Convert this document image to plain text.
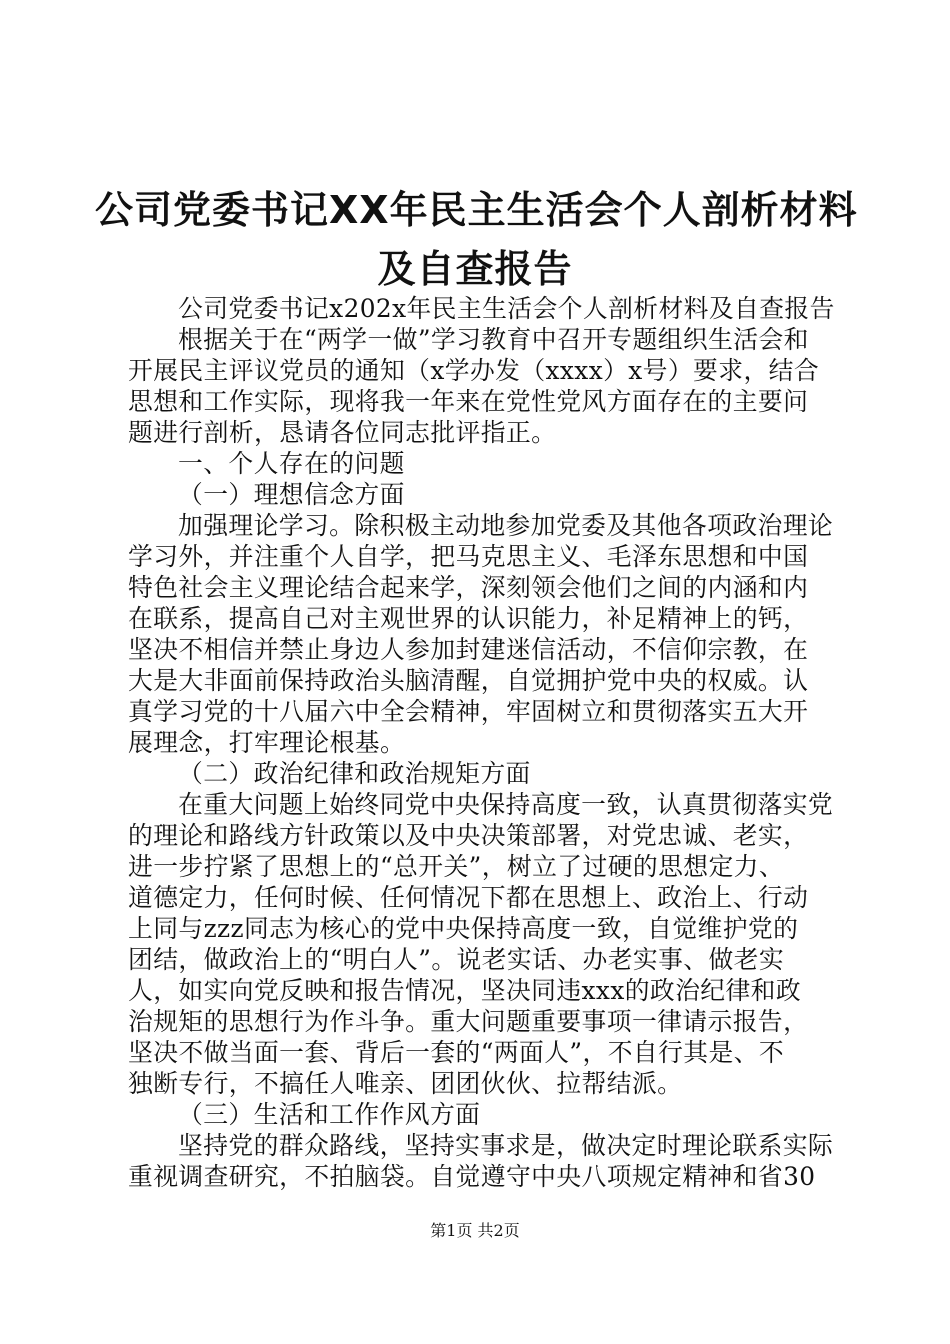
公司党委书记XX年民主生活会个人剖析材料
及自查报告
公司党委书记x202x年民主生活会个人剖析材料及自查报告
根据关于在“两学一做”学习教育中召开专题组织生活会和
开展民主评议党员的通知（x学办发（xxxx）x号）要求，结合
思想和工作实际，现将我一年来在党性党风方面存在的主要问
题进行剖析，恳请各位同志批评指正。
一、个人存在的问题
（一）理想信念方面
加强理论学习。除积极主动地参加党委及其他各项政治理论
学习外，并注重个人自学，把马克思主义、毛泽东思想和中国
特色社会主义理论结合起来学，深刻领会他们之间的内涵和内
在联系，提高自己对主观世界的认识能力，补足精神上的钙，
坚决不相信并禁止身边人参加封建迷信活动，不信仰宗教，在
大是大非面前保持政治头脑清醒，自觉拥护党中央的权威。认
真学习党的十八届六中全会精神，牢固树立和贯彻落实五大开
展理念，打牢理论根基。
（二）政治纪律和政治规矩方面
在重大问题上始终同党中央保持高度一致，认真贯彻落实党
的理论和路线方针政策以及中央决策部署，对党忠诚、老实，
进一步拧紧了思想上的“总开关”，树立了过硬的思想定力、
道德定力，任何时候、任何情况下都在思想上、政治上、行动
上同与zzz同志为核心的党中央保持高度一致，自觉维护党的
团结，做政治上的“明白人”。说老实话、办老实事、做老实
人，如实向党反映和报告情况，坚决同违xxx的政治纪律和政
治规矩的思想行为作斗争。重大问题重要事项一律请示报告，
坚决不做当面一套、背后一套的“两面人”，不自行其是、不
独断专行，不搞任人唯亲、团团伙伙、拉帮结派。
（三）生活和工作作风方面
坚持党的群众路线，坚持实事求是，做决定时理论联系实际
重视调查研究，不拍脑袋。自觉遵守中央八项规定精神和省30
第1页 共2页
